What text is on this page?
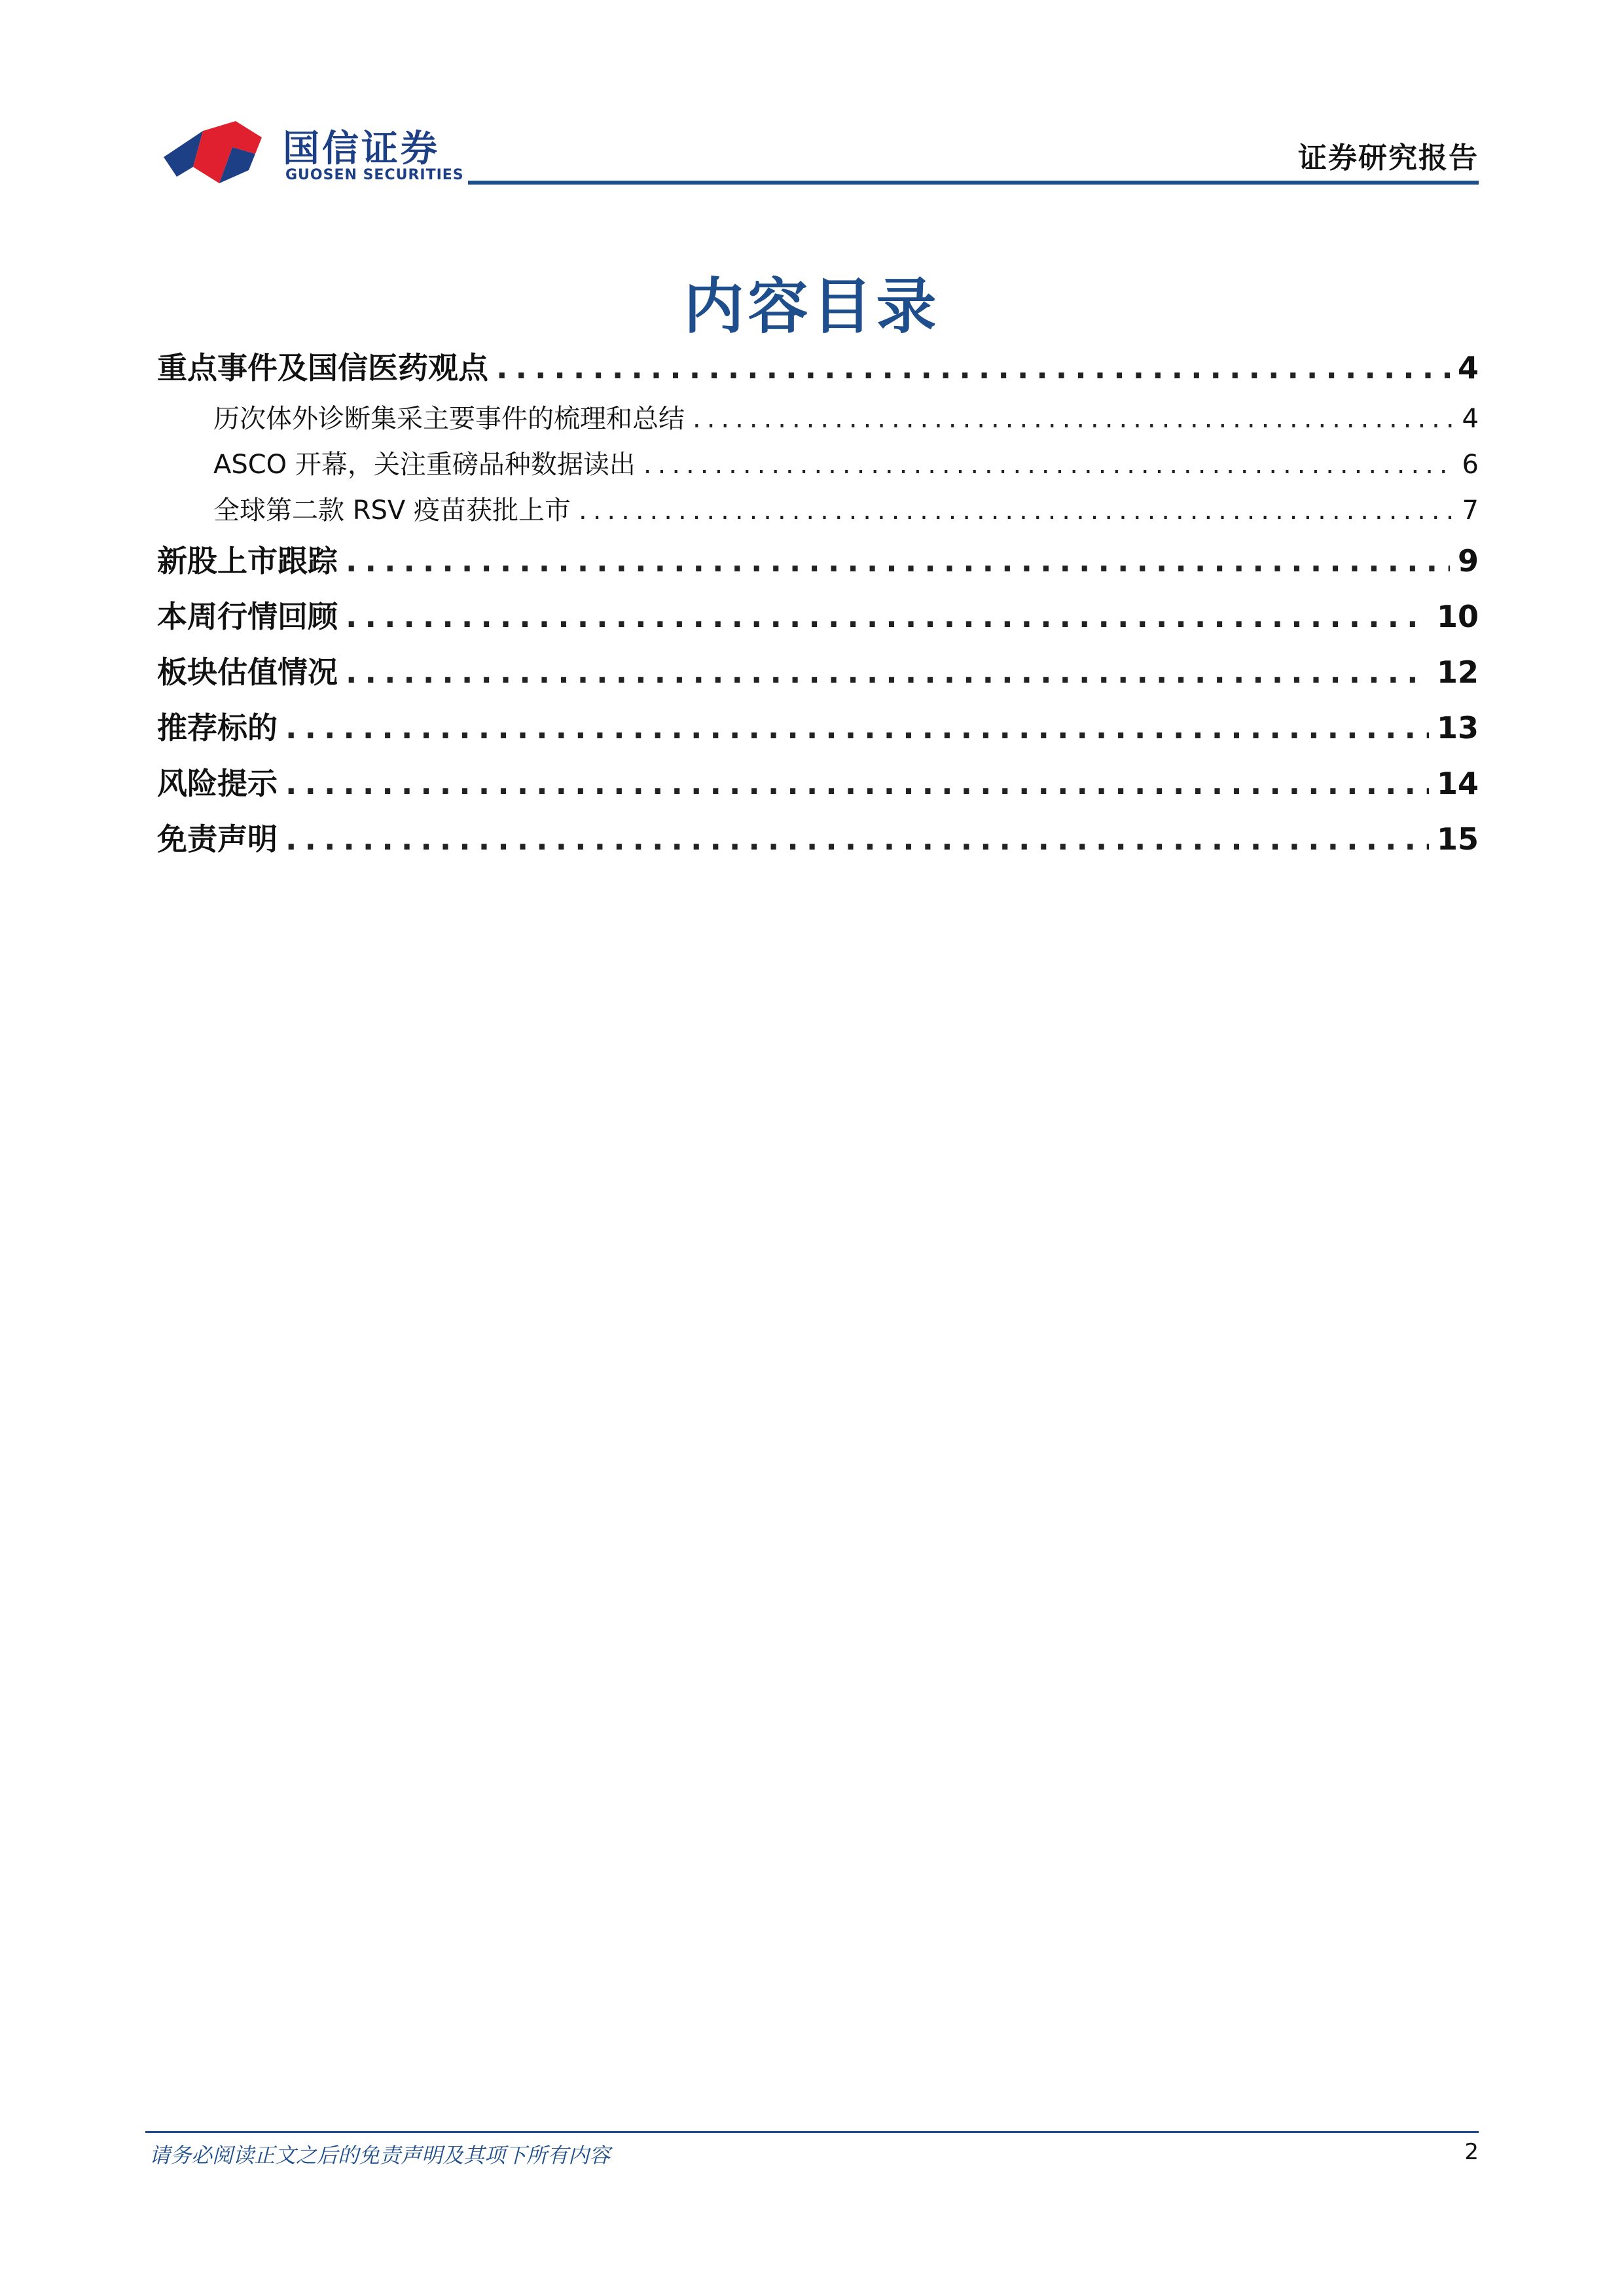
国信证券
GUOSEN SECURITIES
证券研究报告
内容目录
重点事件及国信医药观点 .....	4
历次体外诊断集采主要事件的梳理和总结 .....	4
ASCO 开幕，关注重磅品种数据读出 .....	6
全球第二款 RSV 疫苗获批上市 .....	7
新股上市跟踪 .....	9
本周行情回顾 .....	10
板块估值情况 .....	12
推荐标的 .....	13
风险提示 .....	14
免责声明 .....	15
请务必阅读正文之后的免责声明及其项下所有内容	2
